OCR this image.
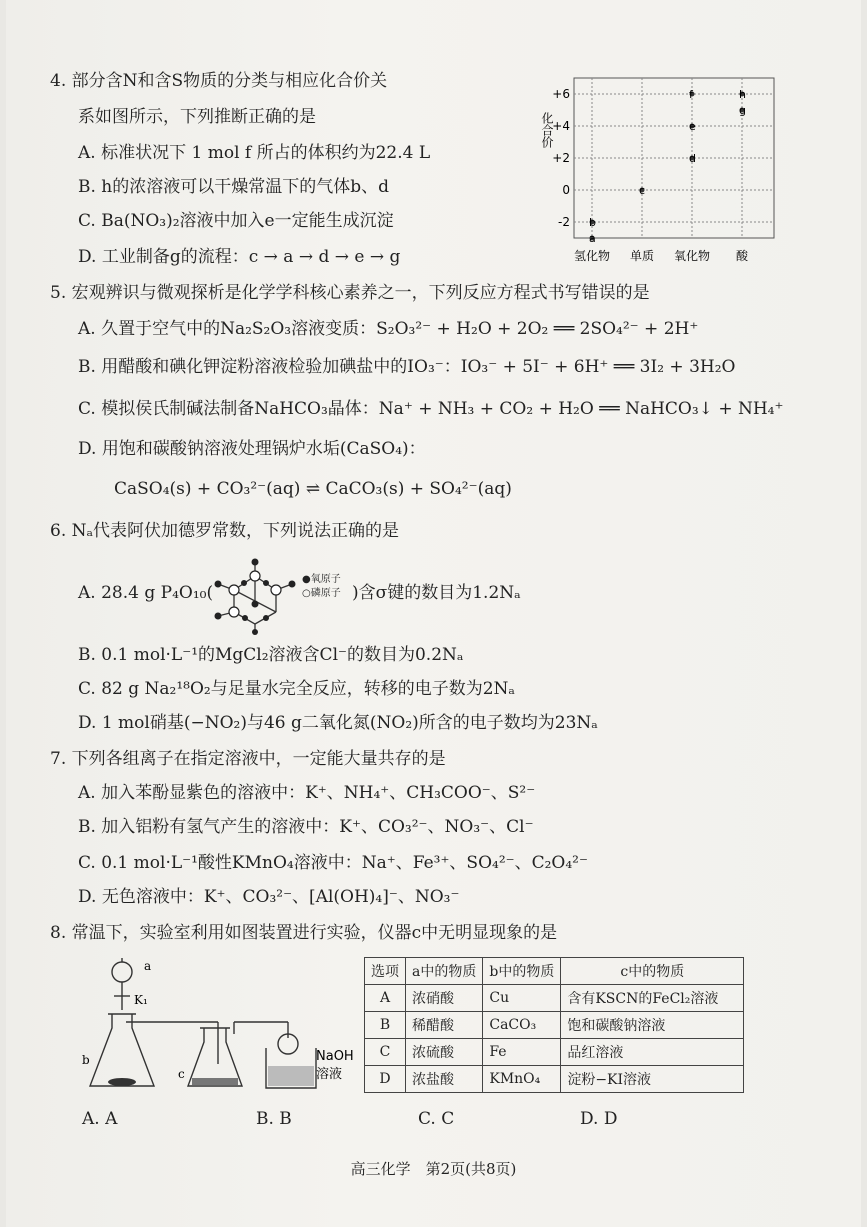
4. 部分含N和含S物质的分类与相应化合价关
系如图所示，下列推断正确的是
A. 标准状况下 1 mol f 所占的体积约为22.4 L
B. h的浓溶液可以干燥常温下的气体b、d
C. Ba(NO₃)₂溶液中加入e一定能生成沉淀
D. 工业制备g的流程：c → a → d → e → g
化合价
+6
+4
+2
0
-2
氢化物 单质 氧化物 酸
a
b
c
d
e
f
g
h
5. 宏观辨识与微观探析是化学学科核心素养之一，下列反应方程式书写错误的是
A. 久置于空气中的Na₂S₂O₃溶液变质：S₂O₃²⁻ + H₂O + 2O₂ ══ 2SO₄²⁻ + 2H⁺
B. 用醋酸和碘化钾淀粉溶液检验加碘盐中的IO₃⁻：IO₃⁻ + 5I⁻ + 6H⁺ ══ 3I₂ + 3H₂O
C. 模拟侯氏制碱法制备NaHCO₃晶体：Na⁺ + NH₃ + CO₂ + H₂O ══ NaHCO₃↓ + NH₄⁺
D. 用饱和碳酸钠溶液处理锅炉水垢(CaSO₄)：
CaSO₄(s) + CO₃²⁻(aq) ⇌ CaCO₃(s) + SO₄²⁻(aq)
6. Nₐ代表阿伏加德罗常数，下列说法正确的是
A. 28.4 g P₄O₁₀(
●氧原子
○磷原子 )含σ键的数目为1.2Nₐ
B. 0.1 mol·L⁻¹的MgCl₂溶液含Cl⁻的数目为0.2Nₐ
C. 82 g Na₂¹⁸O₂与足量水完全反应，转移的电子数为2Nₐ
D. 1 mol硝基(−NO₂)与46 g二氧化氮(NO₂)所含的电子数均为23Nₐ
7. 下列各组离子在指定溶液中，一定能大量共存的是
A. 加入苯酚显紫色的溶液中：K⁺、NH₄⁺、CH₃COO⁻、S²⁻
B. 加入铝粉有氢气产生的溶液中：K⁺、CO₃²⁻、NO₃⁻、Cl⁻
C. 0.1 mol·L⁻¹酸性KMnO₄溶液中：Na⁺、Fe³⁺、SO₄²⁻、C₂O₄²⁻
D. 无色溶液中：K⁺、CO₃²⁻、[Al(OH)₄]⁻、NO₃⁻
8. 常温下，实验室利用如图装置进行实验，仪器c中无明显现象的是
a
K₁
b
c
NaOH
溶液
选项	a中的物质	b中的物质	c中的物质
A	浓硝酸	Cu	含有KSCN的FeCl₂溶液
B	稀醋酸	CaCO₃	饱和碳酸钠溶液
C	浓硫酸	Fe	品红溶液
D	浓盐酸	KMnO₄	淀粉−KI溶液
A. A	B. B	C. C	D. D
高三化学　第2页(共8页)
